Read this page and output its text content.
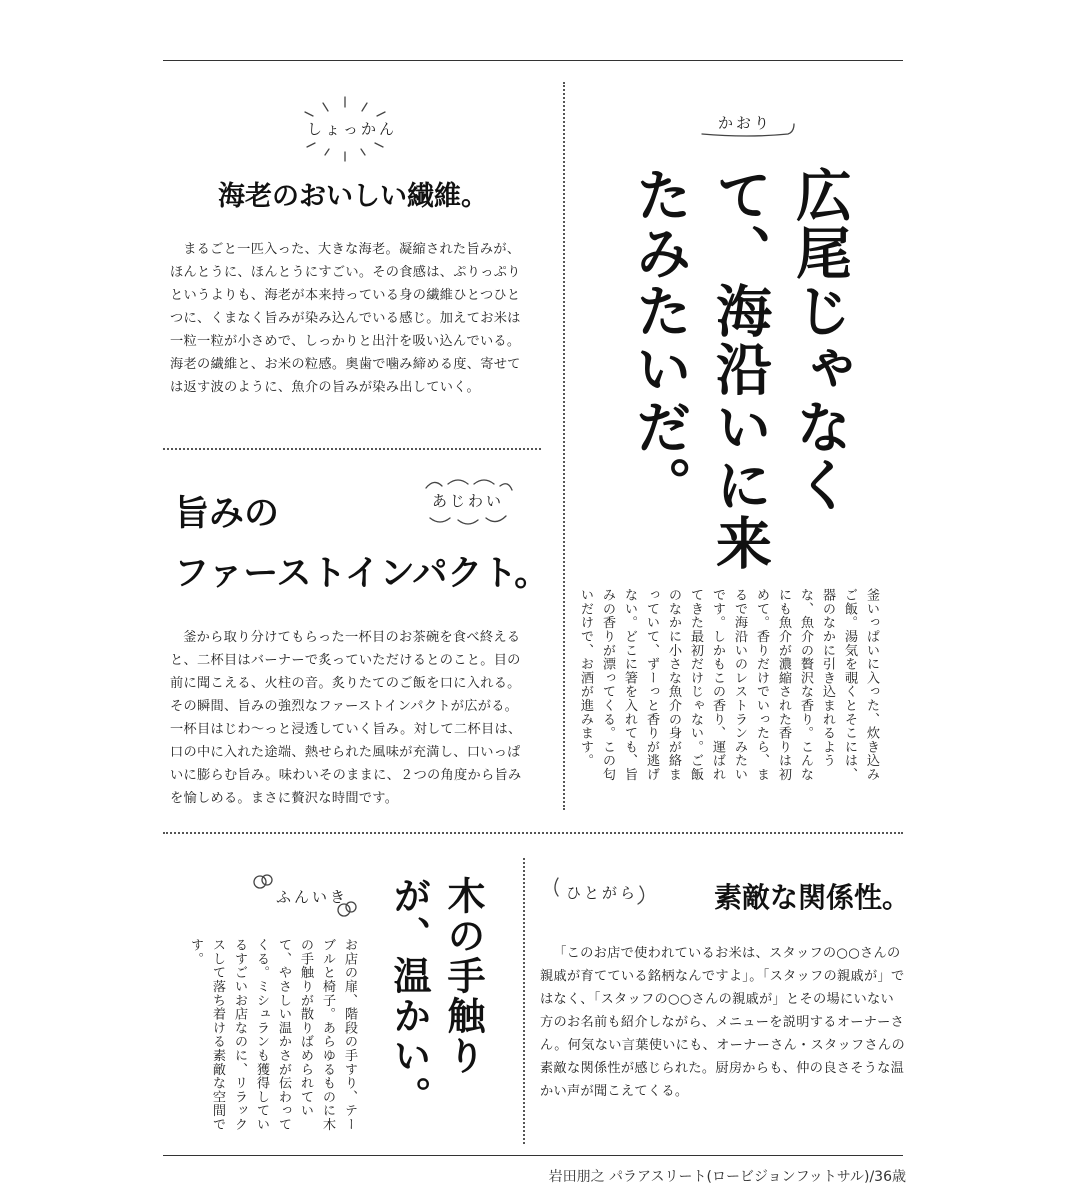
しょっかん
海老のおいしい繊維。

まるごと一匹入った、大きな海老。凝縮された旨みが、ほんとうに、ほんとうにすごい。その食感は、ぷりっぷりというよりも、海老が本来持っている身の繊維ひとつひとつに、くまなく旨みが染み込んでいる感じ。加えてお米は一粒一粒が小さめで、しっかりと出汁を吸い込んでいる。海老の繊維と、お米の粒感。奥歯で噛み締める度、寄せては返す波のように、魚介の旨みが染み出していく。

あじわい
旨みの
ファーストインパクト。

釜から取り分けてもらった一杯目のお茶碗を食べ終えると、二杯目はバーナーで炙っていただけるとのこと。目の前に聞こえる、火柱の音。炙りたてのご飯を口に入れる。その瞬間、旨みの強烈なファーストインパクトが広がる。一杯目はじわ〜っと浸透していく旨み。対して二杯目は、口の中に入れた途端、熱せられた風味が充満し、口いっぱいに膨らむ旨み。味わいそのままに、２つの角度から旨みを愉しめる。まさに贅沢な時間です。

かおり
広尾じゃなくて、海沿いに来たみたいだ。
釜いっぱいに入った、炊き込みご飯。湯気を覗くとそこには、器のなかに引き込まれるような、魚介の贅沢な香り。こんなにも魚介が濃縮された香りは初めて。香りだけでいったら、まるで海沿いのレストランみたいです。しかもこの香り、運ばれてきた最初だけじゃない。ご飯のなかに小さな魚介の身が絡まっていて、ずーっと香りが逃げない。どこに箸を入れても、旨みの香りが漂ってくる。この匂いだけで、お酒が進みます。
ふんいき	木の手触りが、温かい。
お店の扉、階段の手すり、テーブルと椅子。あらゆるものに木の手触りが散りばめられていて、やさしい温かさが伝わってくる。ミシュランも獲得しているすごいお店なのに、リラックスして落ち着ける素敵な空間です。
ひとがら	素敵な関係性。

「このお店で使われているお米は、スタッフの○○さんの親戚が育てている銘柄なんですよ」。「スタッフの親戚が」ではなく、「スタッフの○○さんの親戚が」とその場にいない方のお名前も紹介しながら、メニューを説明するオーナーさん。何気ない言葉使いにも、オーナーさん・スタッフさんの素敵な関係性が感じられた。厨房からも、仲の良さそうな温かい声が聞こえてくる。

岩田朋之 パラアスリート(ロービジョンフットサル)/36歳
